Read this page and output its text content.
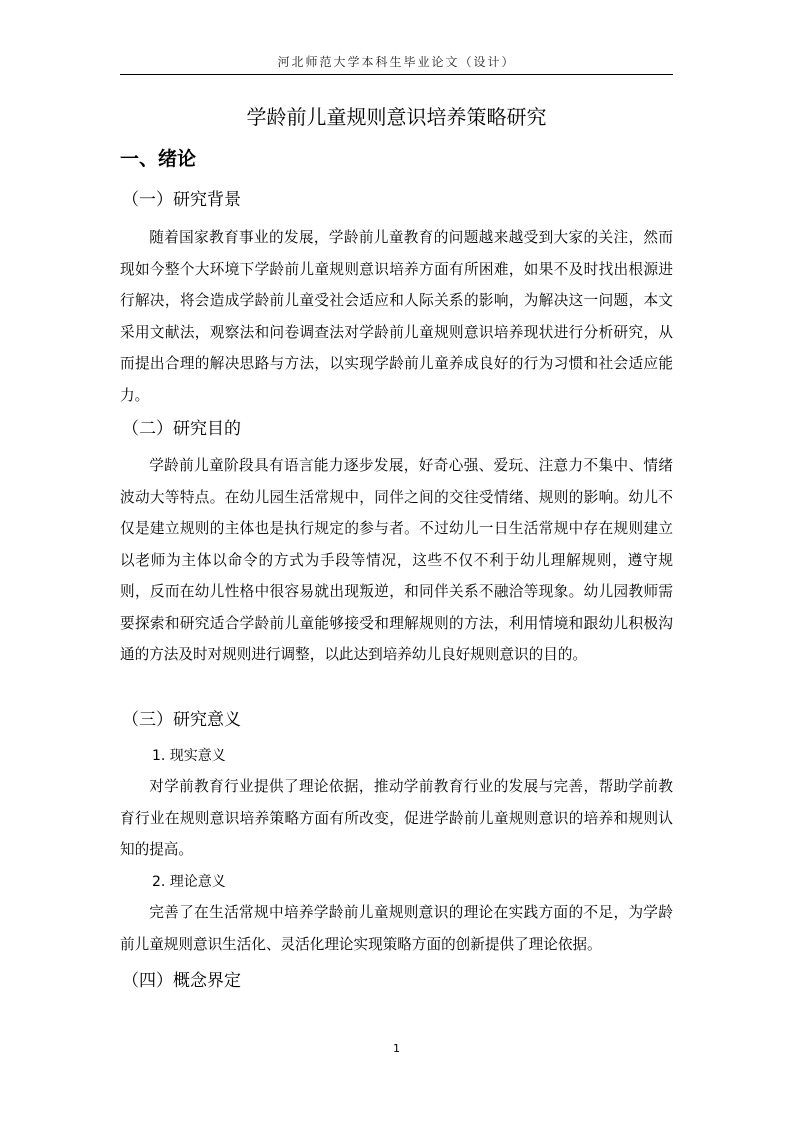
河北师范大学本科生毕业论文（设计）
学龄前儿童规则意识培养策略研究
一、绪论
（一）研究背景

随着国家教育事业的发展，学龄前儿童教育的问题越来越受到大家的关注，然而现如今整个大环境下学龄前儿童规则意识培养方面有所困难，如果不及时找出根源进行解决，将会造成学龄前儿童受社会适应和人际关系的影响，为解决这一问题，本文采用文献法，观察法和问卷调查法对学龄前儿童规则意识培养现状进行分析研究，从而提出合理的解决思路与方法，以实现学龄前儿童养成良好的行为习惯和社会适应能力。

（二）研究目的

学龄前儿童阶段具有语言能力逐步发展，好奇心强、爱玩、注意力不集中、情绪波动大等特点。在幼儿园生活常规中，同伴之间的交往受情绪、规则的影响。幼儿不仅是建立规则的主体也是执行规定的参与者。不过幼儿一日生活常规中存在规则建立以老师为主体以命令的方式为手段等情况，这些不仅不利于幼儿理解规则，遵守规则，反而在幼儿性格中很容易就出现叛逆，和同伴关系不融洽等现象。幼儿园教师需要探索和研究适合学龄前儿童能够接受和理解规则的方法，利用情境和跟幼儿积极沟通的方法及时对规则进行调整，以此达到培养幼儿良好规则意识的目的。

（三）研究意义
1. 现实意义

对学前教育行业提供了理论依据，推动学前教育行业的发展与完善，帮助学前教育行业在规则意识培养策略方面有所改变，促进学龄前儿童规则意识的培养和规则认知的提高。

2. 理论意义

完善了在生活常规中培养学龄前儿童规则意识的理论在实践方面的不足，为学龄前儿童规则意识生活化、灵活化理论实现策略方面的创新提供了理论依据。

（四）概念界定
1
